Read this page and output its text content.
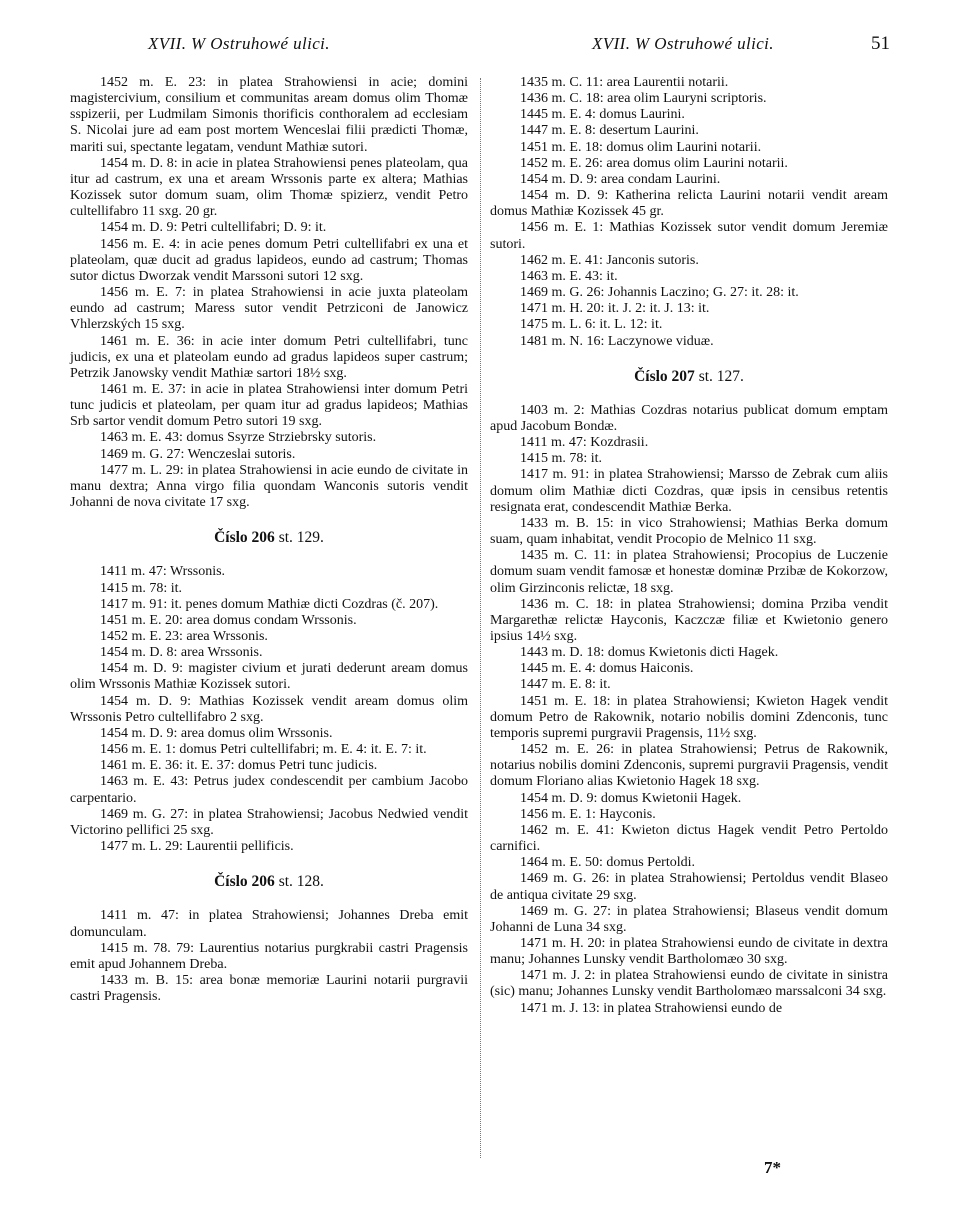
XVII. W Ostruhowé ulici.	XVII. W Ostruhowé ulici.	51

1452 m. E. 23: in platea Strahowiensi in acie; domini magistercivium, consilium et communitas aream domus olim Thomæ sspizerii, per Ludmilam Simonis thorificis conthoralem ad ecclesiam S. Nicolai jure ad eam post mortem Wenceslai filii prædicti Thomæ, mariti sui, spectante legatam, vendunt Mathiæ sutori.

1454 m. D. 8: in acie in platea Strahowiensi penes plateolam, qua itur ad castrum, ex una et aream Wrssonis parte ex altera; Mathias Kozissek sutor domum suam, olim Thomæ spizierz, vendit Petro cultellifabro 11 sxg. 20 gr.

1454 m. D. 9: Petri cultellifabri; D. 9: it.

1456 m. E. 4: in acie penes domum Petri cultellifabri ex una et plateolam, quæ ducit ad gradus lapideos, eundo ad castrum; Thomas sutor dictus Dworzak vendit Marssoni sutori 12 sxg.

1456 m. E. 7: in platea Strahowiensi in acie juxta plateolam eundo ad castrum; Maress sutor vendit Petrziconi de Janowicz Vhlerzských 15 sxg.

1461 m. E. 36: in acie inter domum Petri cultellifabri, tunc judicis, ex una et plateolam eundo ad gradus lapideos super castrum; Petrzik Janowsky vendit Mathiæ sartori 18½ sxg.

1461 m. E. 37: in acie in platea Strahowiensi inter domum Petri tunc judicis et plateolam, per quam itur ad gradus lapideos; Mathias Srb sartor vendit domum Petro sutori 19 sxg.

1463 m. E. 43: domus Ssyrze Strziebrsky sutoris.

1469 m. G. 27: Wenczeslai sutoris.

1477 m. L. 29: in platea Strahowiensi in acie eundo de civitate in manu dextra; Anna virgo filia quondam Wanconis sutoris vendit Johanni de nova civitate 17 sxg.

Číslo 206 st. 129.

1411 m. 47: Wrssonis.

1415 m. 78: it.

1417 m. 91: it. penes domum Mathiæ dicti Cozdras (č. 207).

1451 m. E. 20: area domus condam Wrssonis.

1452 m. E. 23: area Wrssonis.

1454 m. D. 8: area Wrssonis.

1454 m. D. 9: magister civium et jurati dederunt aream domus olim Wrssonis Mathiæ Kozissek sutori.

1454 m. D. 9: Mathias Kozissek vendit aream domus olim Wrssonis Petro cultellifabro 2 sxg.

1454 m. D. 9: area domus olim Wrssonis.

1456 m. E. 1: domus Petri cultellifabri; m. E. 4: it. E. 7: it.

1461 m. E. 36: it. E. 37: domus Petri tunc judicis.

1463 m. E. 43: Petrus judex condescendit per cambium Jacobo carpentario.

1469 m. G. 27: in platea Strahowiensi; Jacobus Nedwied vendit Victorino pellifici 25 sxg.

1477 m. L. 29: Laurentii pellificis.

Číslo 206 st. 128.

1411 m. 47: in platea Strahowiensi; Johannes Dreba emit domunculam.

1415 m. 78. 79: Laurentius notarius purgkrabii castri Pragensis emit apud Johannem Dreba.

1433 m. B. 15: area bonæ memoriæ Laurini notarii purgravii castri Pragensis.

1435 m. C. 11: area Laurentii notarii.

1436 m. C. 18: area olim Lauryni scriptoris.

1445 m. E. 4: domus Laurini.

1447 m. E. 8: desertum Laurini.

1451 m. E. 18: domus olim Laurini notarii.

1452 m. E. 26: area domus olim Laurini notarii.

1454 m. D. 9: area condam Laurini.

1454 m. D. 9: Katherina relicta Laurini notarii vendit aream domus Mathiæ Kozissek 45 gr.

1456 m. E. 1: Mathias Kozissek sutor vendit domum Jeremiæ sutori.

1462 m. E. 41: Janconis sutoris.

1463 m. E. 43: it.

1469 m. G. 26: Johannis Laczino; G. 27: it. 28: it.

1471 m. H. 20: it. J. 2: it. J. 13: it.

1475 m. L. 6: it. L. 12: it.

1481 m. N. 16: Laczynowe viduæ.

Číslo 207 st. 127.

1403 m. 2: Mathias Cozdras notarius publicat domum emptam apud Jacobum Bondæ.

1411 m. 47: Kozdrasii.

1415 m. 78: it.

1417 m. 91: in platea Strahowiensi; Marsso de Zebrak cum aliis domum olim Mathiæ dicti Cozdras, quæ ipsis in censibus retentis resignata erat, condescendit Mathiæ Berka.

1433 m. B. 15: in vico Strahowiensi; Mathias Berka domum suam, quam inhabitat, vendit Procopio de Melnico 11 sxg.

1435 m. C. 11: in platea Strahowiensi; Procopius de Luczenie domum suam vendit famosæ et honestæ dominæ Przibæ de Kokorzow, olim Girzinconis relictæ, 18 sxg.

1436 m. C. 18: in platea Strahowiensi; domina Prziba vendit Margarethæ relictæ Hayconis, Kaczczæ filiæ et Kwietonio genero ipsius 14½ sxg.

1443 m. D. 18: domus Kwietonis dicti Hagek.

1445 m. E. 4: domus Haiconis.

1447 m. E. 8: it.

1451 m. E. 18: in platea Strahowiensi; Kwieton Hagek vendit domum Petro de Rakownik, notario nobilis domini Zdenconis, tunc temporis supremi purgravii Pragensis, 11½ sxg.

1452 m. E. 26: in platea Strahowiensi; Petrus de Rakownik, notarius nobilis domini Zdenconis, supremi purgravii Pragensis, vendit domum Floriano alias Kwietonio Hagek 18 sxg.

1454 m. D. 9: domus Kwietonii Hagek.

1456 m. E. 1: Hayconis.

1462 m. E. 41: Kwieton dictus Hagek vendit Petro Pertoldo carnifici.

1464 m. E. 50: domus Pertoldi.

1469 m. G. 26: in platea Strahowiensi; Pertoldus vendit Blaseo de antiqua civitate 29 sxg.

1469 m. G. 27: in platea Strahowiensi; Blaseus vendit domum Johanni de Luna 34 sxg.

1471 m. H. 20: in platea Strahowiensi eundo de civitate in dextra manu; Johannes Lunsky vendit Bartholomæo 30 sxg.

1471 m. J. 2: in platea Strahowiensi eundo de civitate in sinistra (sic) manu; Johannes Lunsky vendit Bartholomæo marssalconi 34 sxg.

1471 m. J. 13: in platea Strahowiensi eundo de

7*
